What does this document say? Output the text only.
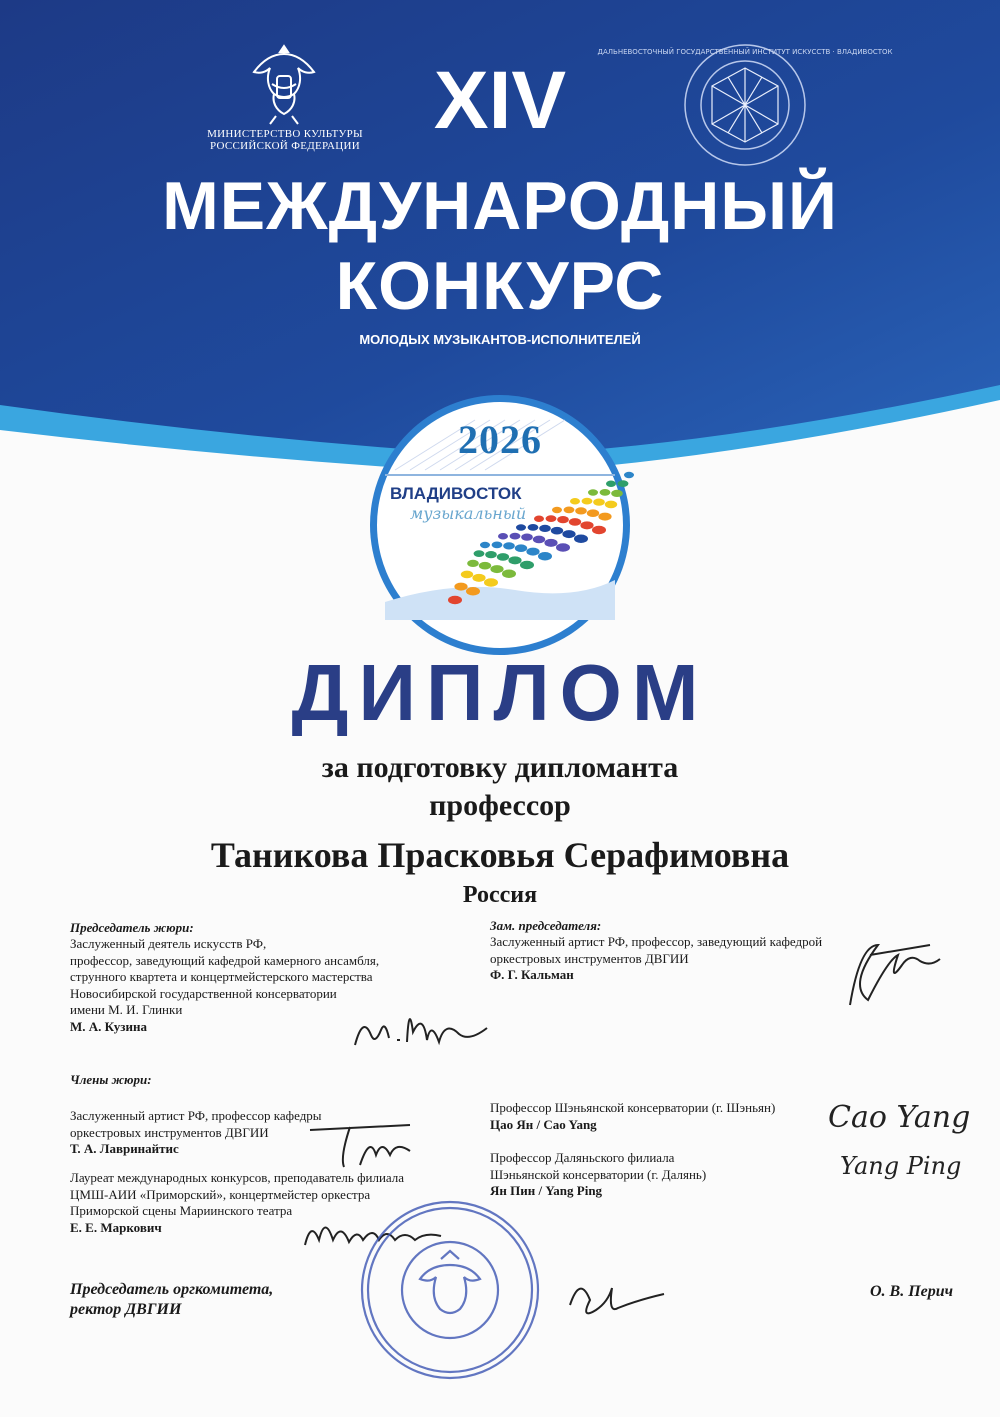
МИНИСТЕРСТВО КУЛЬТУРЫ РОССИЙСКОЙ ФЕДЕРАЦИИ
ДАЛЬНЕВОСТОЧНЫЙ ГОСУДАРСТВЕННЫЙ ИНСТИТУТ ИСКУССТВ · ВЛАДИВОСТОК
XIV
МЕЖДУНАРОДНЫЙ
КОНКУРС
МОЛОДЫХ МУЗЫКАНТОВ-ИСПОЛНИТЕЛЕЙ
2026
ВЛАДИВОСТОК
музыкальный
ДИПЛОМ
за подготовку дипломанта
профессор
Таникова Прасковья Серафимовна
Россия
Председатель жюри:
Заслуженный деятель искусств РФ,
профессор, заведующий кафедрой камерного ансамбля,
струнного квартета и концертмейстерского мастерства
Новосибирской государственной консерватории
имени М. И. Глинки
М. А. Кузина
Зам. председателя:
Заслуженный артист РФ, профессор, заведующий кафедрой
оркестровых инструментов ДВГИИ
Ф. Г. Кальман
Члены жюри:
Заслуженный артист РФ, профессор кафедры
оркестровых инструментов ДВГИИ
Т. А. Лавринайтис
Лауреат международных конкурсов, преподаватель филиала
ЦМШ-АИИ «Приморский», концертмейстер оркестра
Приморской сцены Мариинского театра
Е. Е. Маркович
Профессор Шэньянской консерватории (г. Шэньян)
Цао Ян / Cao Yang
Профессор Даляньского филиала
Шэньянской консерватории (г. Далянь)
Ян Пин / Yang Ping
Cao Yang
Yang Ping
Председатель оргкомитета,
ректор ДВГИИ
О. В. Перич
